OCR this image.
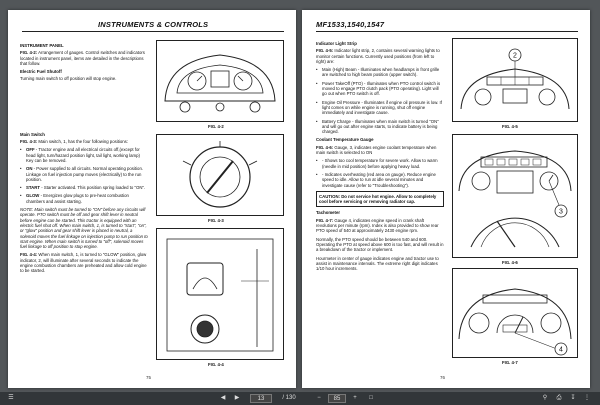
INSTRUMENTS & CONTROLS
INSTRUMENT PANEL

FIG. 4-2: Arrangement of gauges. Control switches and indicators located in instrument panel, items are detailed in the descriptions that follow.

Electric Fuel Shutoff

Turning main switch to off position will stop engine.

Main Switch

FIG. 4-3: Main switch, 1, has the four following positions:

• OFF - Tractor engine and all electrical circuits off,(except for head light, turn/hazard position light, tail light, working lamp) Key can be removed.
• ON - Power supplied to all circuits. Normal operating position. Linkage on fuel injection pump moves (electrically) to the run position.
• START - Starter activated. This position spring loaded to "ON".
• GLOW - Energizes glow plugs to pre-heat combustion chambers and assist starting.

NOTE: Main switch must be turned to "ON" before any circuits will operate. PTO switch must be off and gear shift lever in neutral before engine can be started. This tractor is equipped with an electric fuel shut off. When main switch, 1, is turned to "start", "on", or "glow" position and gear shift lever is placed in neutral, a solenoid moves the fuel linkage on injection pump to run position to start engine. When main switch is turned to "off", solenoid moves fuel linkage to off position to stop engine.

FIG. 4-4: When main switch, 1, is turned to "GLOW" position, glow indicator, 2, will illuminate after several seconds to indicate the engine combustion chambers are preheated and allow cold engine to be started.

FIG. 4-2
FIG. 4-3
FIG. 4-4
75
MF1533,1540,1547
Indicator Light Strip

FIG. 4-5: Indicator light strip, 2, contains several warning lights to monitor certain functions. Currently used positions (from left to right) are:

• Main (High) Beam - Illuminates when headlamps in front grille are switched to high beam position (upper switch).
• Power TakeOff (PTO) - Illuminates when PTO control switch is moved to engage PTO clutch pack (PTO operating). Light will go out when PTO switch is off.
• Engine Oil Pressure - Illuminates if engine oil pressure is low. If light comes on while engine is running, shut off engine immediately and investigate cause.
• Battery Charge - Illuminates when main switch is turned "ON" and will go out after engine starts, to indicate battery is being charged.
Coolant Temperature Gauge

FIG. 4-6: Gauge, 3, indicates engine coolant temperature when main switch is selected to ON

• - Shows too cool temperature for severe work. Allow to warm (needle in mid position) before applying heavy load.
• - Indicates overheating (red area on gauge). Reduce engine speed to idle. Allow to run at idle several minutes and investigate cause (refer to "Troubleshooting").

CAUTION: Do not service hot engine. Allow to completely cool before servicing or removing radiator cap.

Tachometer

FIG. 4-7: Gauge 4, indicates engine speed in crank shaft revolutions per minute (rpm). Index is also provided to show rear PTO speed of 540 at approximately 2430 engine rpm.

Normally, the PTO speed should be between 540 and 600. Operating the PTO at speed above 600 is too fast, and will result in a breakdown of the tractor or implement.

Hourmeter in center of gauge indicates engine and tractor use to assist in maintenance intervals. The extreme right digit indicates 1/10 hour increments.

2
FIG. 4-5
3
FIG. 4-6
4
FIG. 4-7
76
☰	◀	▶	13	/ 130	−	85	+	□	⚲	⎙	↧	⋮
